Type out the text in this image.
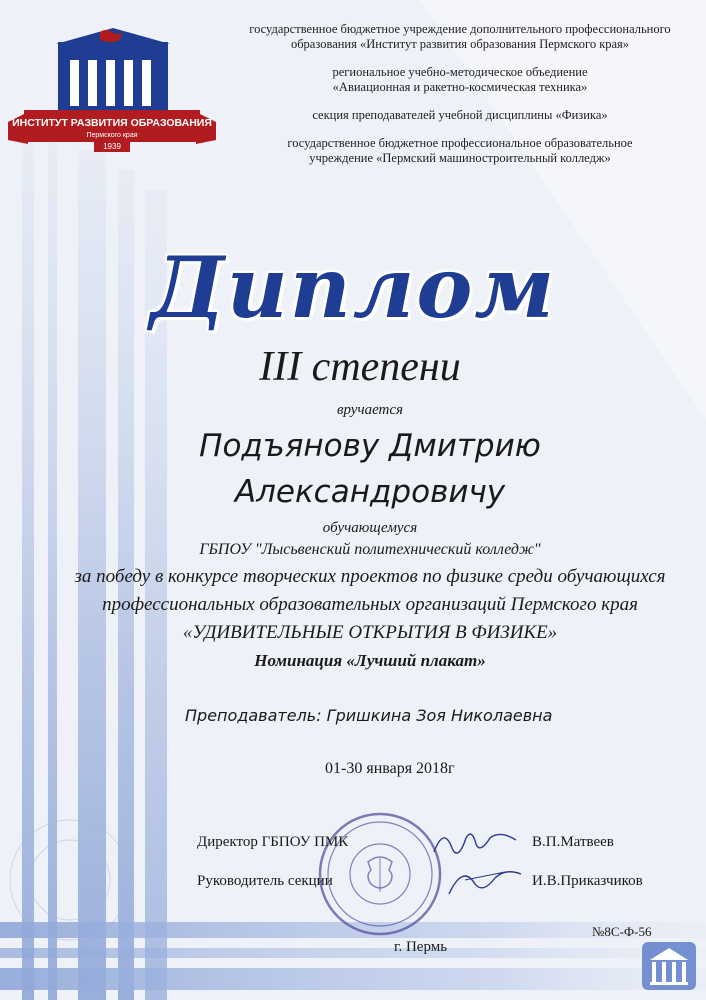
ИНСТИТУТ РАЗВИТИЯ ОБРАЗОВАНИЯ
Пермского края
1939

государственное бюджетное учреждение дополнительного профессионального
образования «Институт развития образования Пермского края»

региональное учебно-методическое объедиение
«Авиационная и ракетно-космическая техника»

секция преподавателей учебной дисциплины «Физика»

государственное бюджетное профессиональное образовательное
учреждение «Пермский машиностроительный колледж»

Диплом
III степени
вручается
Подъянову Дмитрию
Александровичу
обучающемуся
ГБПОУ "Лысьвенский политехнический колледж"
за победу в конкурсе творческих проектов по физике среди обучающихся
профессиональных образовательных организаций Пермского края
«УДИВИТЕЛЬНЫЕ ОТКРЫТИЯ В ФИЗИКЕ»
Номинация «Лучший плакат»
Преподаватель: Гришкина Зоя Николаевна
01-30 января 2018г
Директор ГБПОУ ПМК	В.П.Матвеев
Руководитель секции	И.В.Приказчиков
№8С-Ф-56
г. Пермь
